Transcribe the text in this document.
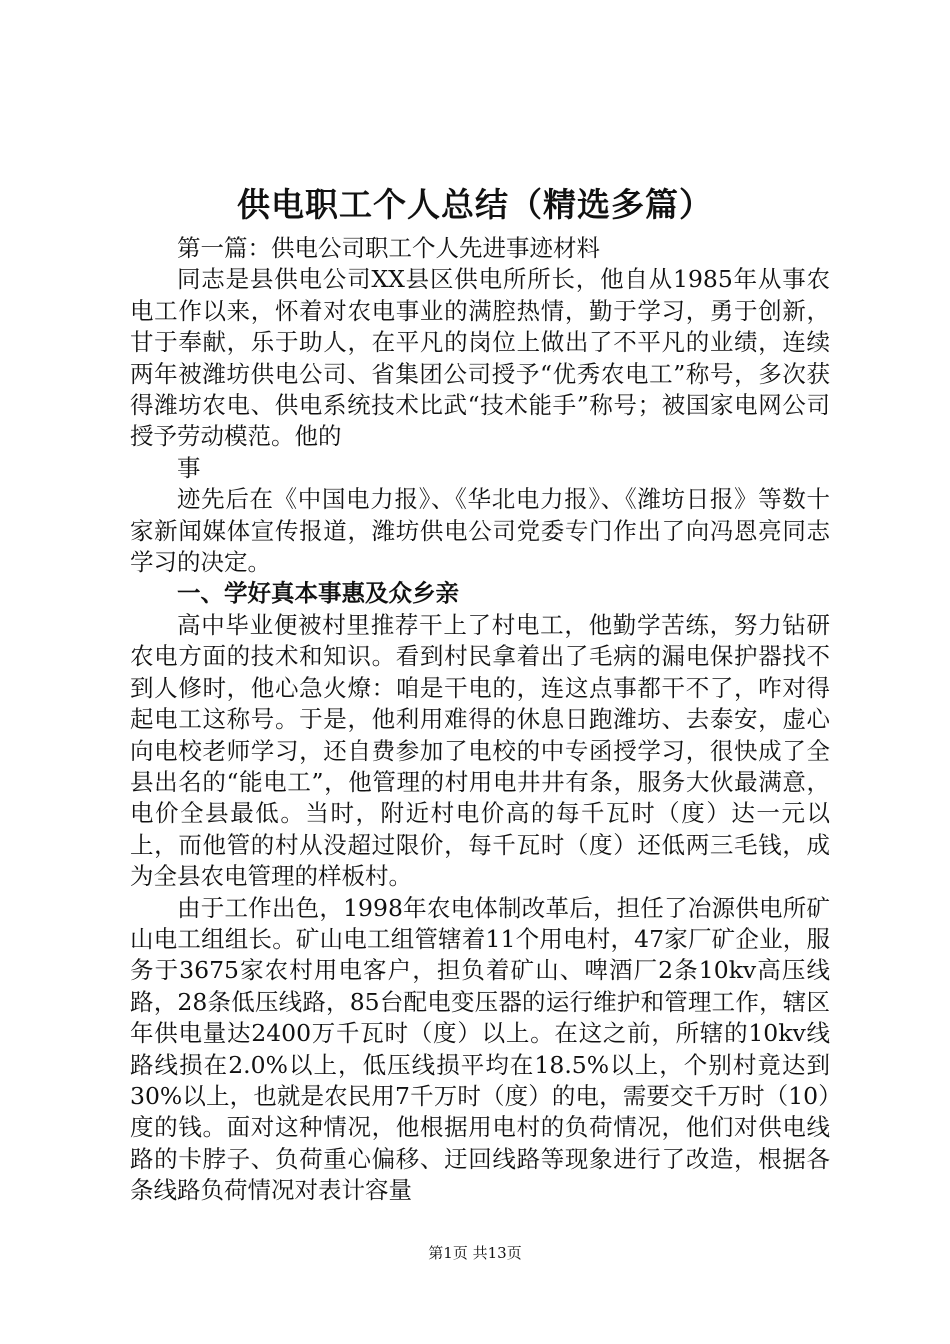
供电职工个人总结（精选多篇）

第一篇：供电公司职工个人先进事迹材料

同志是县供电公司XX县区供电所所长，他自从1985年从事农电工作以来，怀着对农电事业的满腔热情，勤于学习，勇于创新，甘于奉献，乐于助人，在平凡的岗位上做出了不平凡的业绩，连续两年被潍坊供电公司、省集团公司授予“优秀农电工”称号，多次获得潍坊农电、供电系统技术比武“技术能手”称号；被国家电网公司授予劳动模范。他的

事

迹先后在《中国电力报》、《华北电力报》、《潍坊日报》等数十家新闻媒体宣传报道，潍坊供电公司党委专门作出了向冯恩亮同志学习的决定。

一、学好真本事惠及众乡亲

高中毕业便被村里推荐干上了村电工，他勤学苦练，努力钻研农电方面的技术和知识。看到村民拿着出了毛病的漏电保护器找不到人修时，他心急火燎：咱是干电的，连这点事都干不了，咋对得起电工这称号。于是，他利用难得的休息日跑潍坊、去泰安，虚心向电校老师学习，还自费参加了电校的中专函授学习，很快成了全县出名的“能电工”，他管理的村用电井井有条，服务大伙最满意，电价全县最低。当时，附近村电价高的每千瓦时（度）达一元以上，而他管的村从没超过限价，每千瓦时（度）还低两三毛钱，成为全县农电管理的样板村。

由于工作出色，1998年农电体制改革后，担任了冶源供电所矿山电工组组长。矿山电工组管辖着11个用电村，47家厂矿企业，服务于3675家农村用电客户，担负着矿山、啤酒厂2条10kv高压线路，28条低压线路，85台配电变压器的运行维护和管理工作，辖区年供电量达2400万千瓦时（度）以上。在这之前，所辖的10kv线路线损在2.0%以上，低压线损平均在18.5%以上，个别村竟达到30%以上，也就是农民用7千万时（度）的电，需要交千万时（10）度的钱。面对这种情况，他根据用电村的负荷情况，他们对供电线路的卡脖子、负荷重心偏移、迂回线路等现象进行了改造，根据各条线路负荷情况对表计容量

第1页 共13页
